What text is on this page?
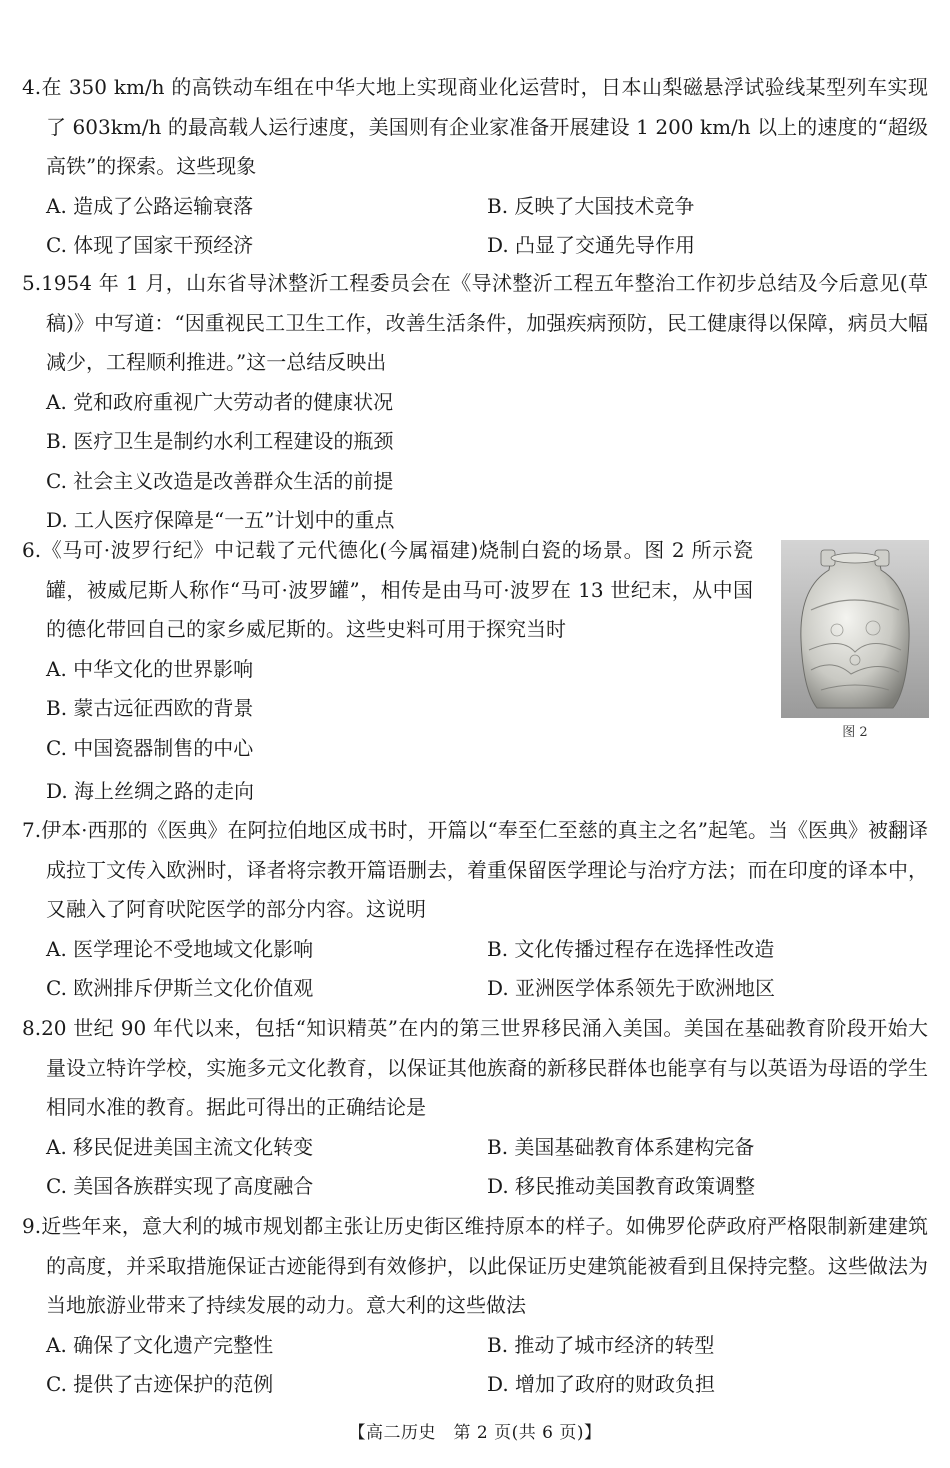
4.在 350 km/h 的高铁动车组在中华大地上实现商业化运营时，日本山梨磁悬浮试验线某型列车实现了 603km/h 的最高载人运行速度，美国则有企业家准备开展建设 1 200 km/h 以上的速度的“超级高铁”的探索。这些现象

A. 造成了公路运输衰落	B. 反映了大国技术竞争
C. 体现了国家干预经济	D. 凸显了交通先导作用

5.1954 年 1 月，山东省导沭整沂工程委员会在《导沭整沂工程五年整治工作初步总结及今后意见(草稿)》中写道：“因重视民工卫生工作，改善生活条件，加强疾病预防，民工健康得以保障，病员大幅减少，工程顺利推进。”这一总结反映出

A. 党和政府重视广大劳动者的健康状况
B. 医疗卫生是制约水利工程建设的瓶颈
C. 社会主义改造是改善群众生活的前提
D. 工人医疗保障是“一五”计划中的重点

6.《马可·波罗行纪》中记载了元代德化(今属福建)烧制白瓷的场景。图 2 所示瓷罐，被威尼斯人称作“马可·波罗罐”，相传是由马可·波罗在 13 世纪末，从中国的德化带回自己的家乡威尼斯的。这些史料可用于探究当时

A. 中华文化的世界影响
B. 蒙古远征西欧的背景
C. 中国瓷器制售的中心
D. 海上丝绸之路的走向
图 2

7.伊本·西那的《医典》在阿拉伯地区成书时，开篇以“奉至仁至慈的真主之名”起笔。当《医典》被翻译成拉丁文传入欧洲时，译者将宗教开篇语删去，着重保留医学理论与治疗方法；而在印度的译本中，又融入了阿育吠陀医学的部分内容。这说明

A. 医学理论不受地域文化影响	B. 文化传播过程存在选择性改造
C. 欧洲排斥伊斯兰文化价值观	D. 亚洲医学体系领先于欧洲地区

8.20 世纪 90 年代以来，包括“知识精英”在内的第三世界移民涌入美国。美国在基础教育阶段开始大量设立特许学校，实施多元文化教育，以保证其他族裔的新移民群体也能享有与以英语为母语的学生相同水准的教育。据此可得出的正确结论是

A. 移民促进美国主流文化转变	B. 美国基础教育体系建构完备
C. 美国各族群实现了高度融合	D. 移民推动美国教育政策调整

9.近些年来，意大利的城市规划都主张让历史街区维持原本的样子。如佛罗伦萨政府严格限制新建建筑的高度，并采取措施保证古迹能得到有效修护，以此保证历史建筑能被看到且保持完整。这些做法为当地旅游业带来了持续发展的动力。意大利的这些做法

A. 确保了文化遗产完整性	B. 推动了城市经济的转型
C. 提供了古迹保护的范例	D. 增加了政府的财政负担
【高二历史　第 2 页(共 6 页)】
